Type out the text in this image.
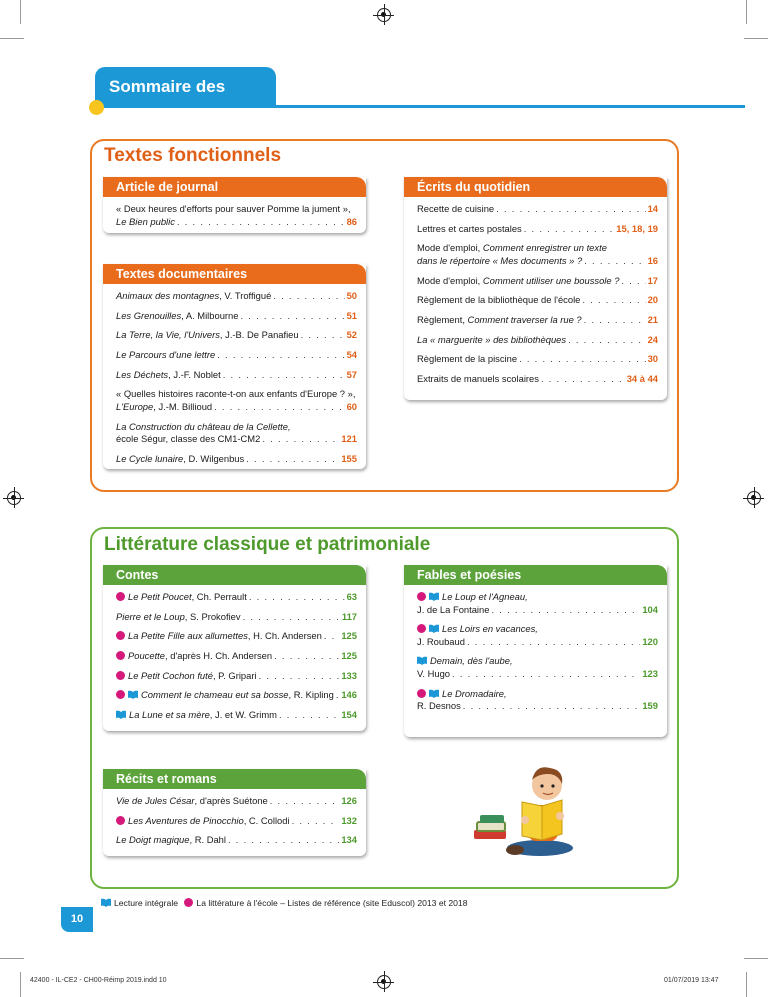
Sommaire des textes
Textes fonctionnels
Article de journal
« Deux heures d'efforts pour sauver Pomme la jument »,
Le Bien public . . .	86
Textes documentaires
Animaux des montagnes, V. Troffigué . . .	50
Les Grenouilles, A. Milbourne . . .	51
La Terre, la Vie, l'Univers, J.-B. De Panafieu . . .	52
Le Parcours d'une lettre . . .	54
Les Déchets, J.-F. Noblet . . .	57
« Quelles histoires raconte-t-on aux enfants d'Europe ? »,
L'Europe, J.-M. Billioud . . .	60
La Construction du château de la Cellette,
école Ségur, classe des CM1-CM2 . . .	121
Le Cycle lunaire, D. Wilgenbus . . .	155
Écrits du quotidien
Recette de cuisine . . .	14
Lettres et cartes postales . . .	15, 18, 19
Mode d'emploi, Comment enregistrer un texte
dans le répertoire « Mes documents » ? . . .	16
Mode d'emploi, Comment utiliser une boussole ? . . .	17
Règlement de la bibliothèque de l'école . . .	20
Règlement, Comment traverser la rue ? . . .	21
La « marguerite » des bibliothèques . . .	24
Règlement de la piscine . . .	30
Extraits de manuels scolaires . . .	34 à 44
Littérature classique et patrimoniale
Contes
Le Petit Poucet, Ch. Perrault . . .	63
Pierre et le Loup, S. Prokofiev . . .	117
La Petite Fille aux allumettes, H. Ch. Andersen . . . 125
Poucette, d'après H. Ch. Andersen . . .	125
Le Petit Cochon futé, P. Gripari . . .	133
Comment le chameau eut sa bosse, R. Kipling . . . 146
La Lune et sa mère, J. et W. Grimm . . .	154
Fables et poésies
Le Loup et l'Agneau,
J. de La Fontaine . . .	104
Les Loirs en vacances,
J. Roubaud . . .	120
Demain, dès l'aube,
V. Hugo . . .	123
Le Dromadaire,
R. Desnos . . .	159
Récits et romans
Vie de Jules César, d'après Suétone . . .	126
Les Aventures de Pinocchio, C. Collodi . . .	132
Le Doigt magique, R. Dahl . . .	134
Lecture intégrale La littérature à l'école – Listes de référence (site Eduscol) 2013 et 2018
10
42400 - IL-CE2 - CH00-Réimp 2019.indd 10	01/07/2019 13:47
